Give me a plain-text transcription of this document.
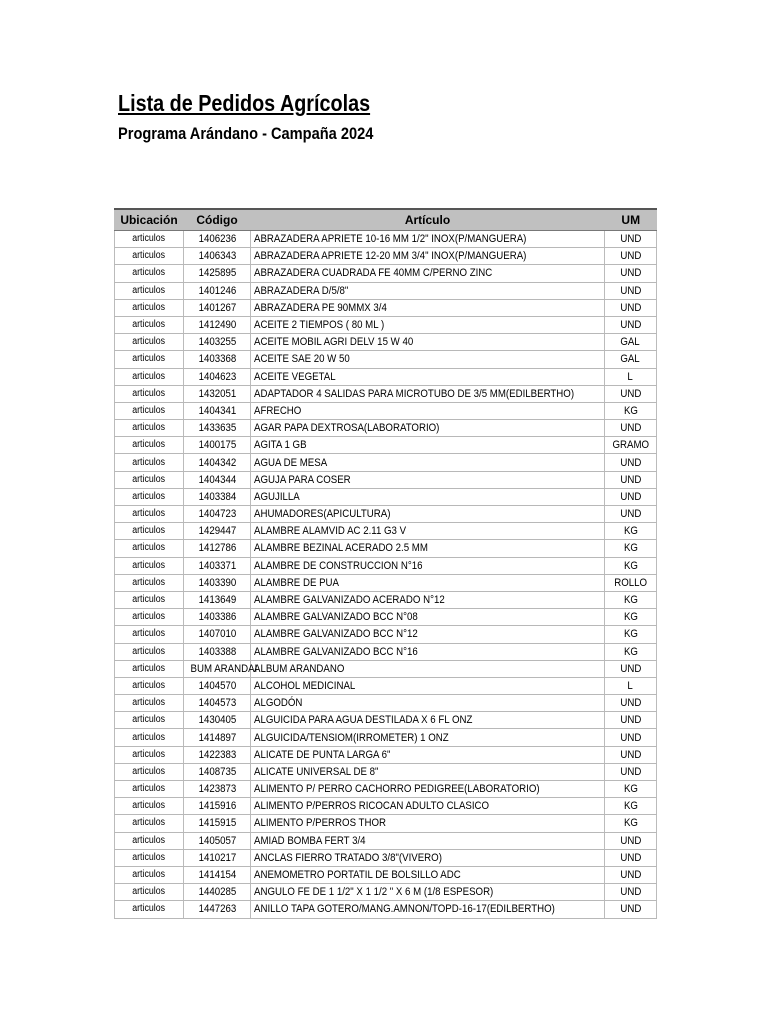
Lista de Pedidos Agrícolas
Programa Arándano - Campaña 2024
Ubicación	Código	Artículo	UM
articulos	1406236	ABRAZADERA APRIETE 10-16 MM 1/2" INOX(P/MANGUERA)	UND
articulos	1406343	ABRAZADERA APRIETE 12-20 MM 3/4" INOX(P/MANGUERA)	UND
articulos	1425895	ABRAZADERA CUADRADA FE 40MM C/PERNO ZINC	UND
articulos	1401246	ABRAZADERA D/5/8"	UND
articulos	1401267	ABRAZADERA PE 90MMX 3/4	UND
articulos	1412490	ACEITE 2 TIEMPOS ( 80 ML )	UND
articulos	1403255	ACEITE MOBIL AGRI DELV 15 W 40	GAL
articulos	1403368	ACEITE SAE 20 W 50	GAL
articulos	1404623	ACEITE VEGETAL	L
articulos	1432051	ADAPTADOR 4 SALIDAS PARA MICROTUBO DE 3/5 MM(EDILBERTHO)	UND
articulos	1404341	AFRECHO	KG
articulos	1433635	AGAR PAPA DEXTROSA(LABORATORIO)	UND
articulos	1400175	AGITA 1 GB	GRAMO
articulos	1404342	AGUA DE MESA	UND
articulos	1404344	AGUJA PARA COSER	UND
articulos	1403384	AGUJILLA	UND
articulos	1404723	AHUMADORES(APICULTURA)	UND
articulos	1429447	ALAMBRE ALAMVID AC 2.11 G3 V	KG
articulos	1412786	ALAMBRE BEZINAL ACERADO 2.5 MM	KG
articulos	1403371	ALAMBRE DE CONSTRUCCION N°16	KG
articulos	1403390	ALAMBRE DE PUA	ROLLO
articulos	1413649	ALAMBRE GALVANIZADO ACERADO N°12	KG
articulos	1403386	ALAMBRE GALVANIZADO BCC N°08	KG
articulos	1407010	ALAMBRE GALVANIZADO BCC N°12	KG
articulos	1403388	ALAMBRE GALVANIZADO BCC N°16	KG
articulos	BUM ARANDAI	ALBUM ARANDANO	UND
articulos	1404570	ALCOHOL MEDICINAL	L
articulos	1404573	ALGODÓN	UND
articulos	1430405	ALGUICIDA PARA AGUA DESTILADA X 6 FL ONZ	UND
articulos	1414897	ALGUICIDA/TENSIOM(IRROMETER) 1 ONZ	UND
articulos	1422383	ALICATE DE PUNTA LARGA 6"	UND
articulos	1408735	ALICATE UNIVERSAL DE 8"	UND
articulos	1423873	ALIMENTO P/ PERRO CACHORRO PEDIGREE(LABORATORIO)	KG
articulos	1415916	ALIMENTO P/PERROS RICOCAN ADULTO CLASICO	KG
articulos	1415915	ALIMENTO P/PERROS THOR	KG
articulos	1405057	AMIAD BOMBA FERT 3/4	UND
articulos	1410217	ANCLAS FIERRO TRATADO 3/8"(VIVERO)	UND
articulos	1414154	ANEMOMETRO PORTATIL DE BOLSILLO ADC	UND
articulos	1440285	ANGULO FE DE 1 1/2" X 1 1/2 " X 6 M (1/8 ESPESOR)	UND
articulos	1447263	ANILLO TAPA GOTERO/MANG.AMNON/TOPD-16-17(EDILBERTHO)	UND
